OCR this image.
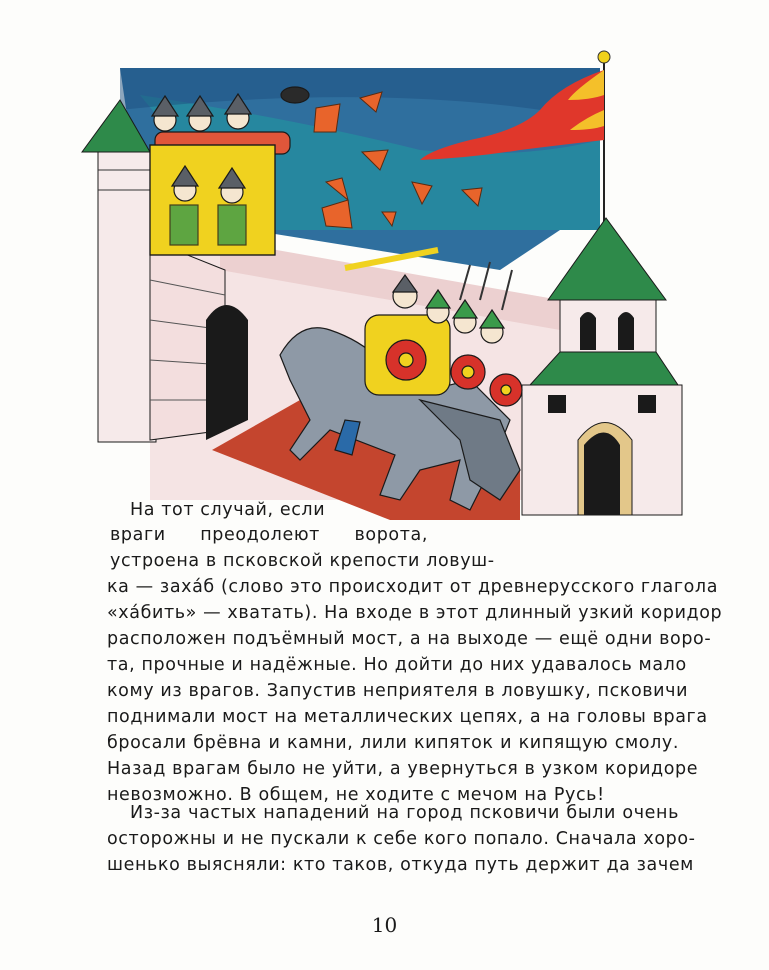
На тот случай, если
враги преодолеют ворота,
устроена в псковской крепости ловуш-
ка — захáб (слово это происходит от древнерусского глагола
«хáбить» — хватать). На входе в этот длинный узкий коридор
расположен подъёмный мост, а на выходе — ещё одни воро-
та, прочные и надёжные. Но дойти до них удавалось мало
кому из врагов. Запустив неприятеля в ловушку, псковичи
поднимали мост на металлических цепях, а на головы врага
бросали брёвна и камни, лили кипяток и кипящую смолу.
Назад врагам было не уйти, а увернуться в узком коридоре
невозможно. В общем, не ходите с мечом на Русь!
Из-за частых нападений на город псковичи были очень
осторожны и не пускали к себе кого попало. Сначала хоро-
шенько выясняли: кто таков, откуда путь держит да зачем
10
